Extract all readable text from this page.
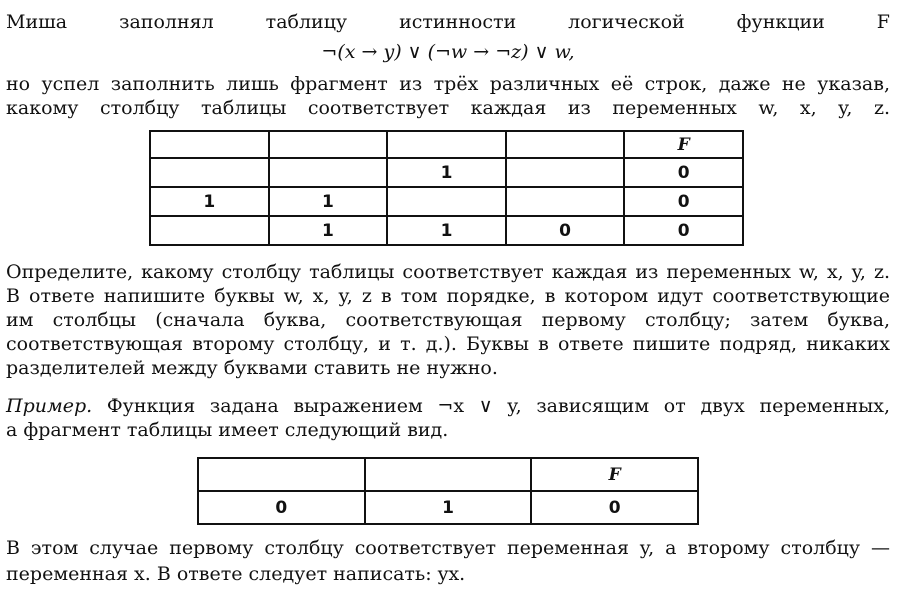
Миша заполнял таблицу истинности логической функции F
¬(x → y) ∨ (¬w → ¬z) ∨ w,
но успел заполнить лишь фрагмент из трёх различных её строк, даже не указав,
какому столбцу таблицы соответствует каждая из переменных w, x, y, z.
				F
		1		0
1	1			0
	1	1	0	0
Определите, какому столбцу таблицы соответствует каждая из переменных w, x, y, z.
В ответе напишите буквы w, x, y, z в том порядке, в котором идут соответствующие
им столбцы (сначала буква, соответствующая первому столбцу; затем буква,
соответствующая второму столбцу, и т. д.). Буквы в ответе пишите подряд, никаких
разделителей между буквами ставить не нужно.
Пример. Функция задана выражением ¬x ∨ y, зависящим от двух переменных,
а фрагмент таблицы имеет следующий вид.
		F
0	1	0
В этом случае первому столбцу соответствует переменная y, а второму столбцу —
переменная x. В ответе следует написать: yx.
